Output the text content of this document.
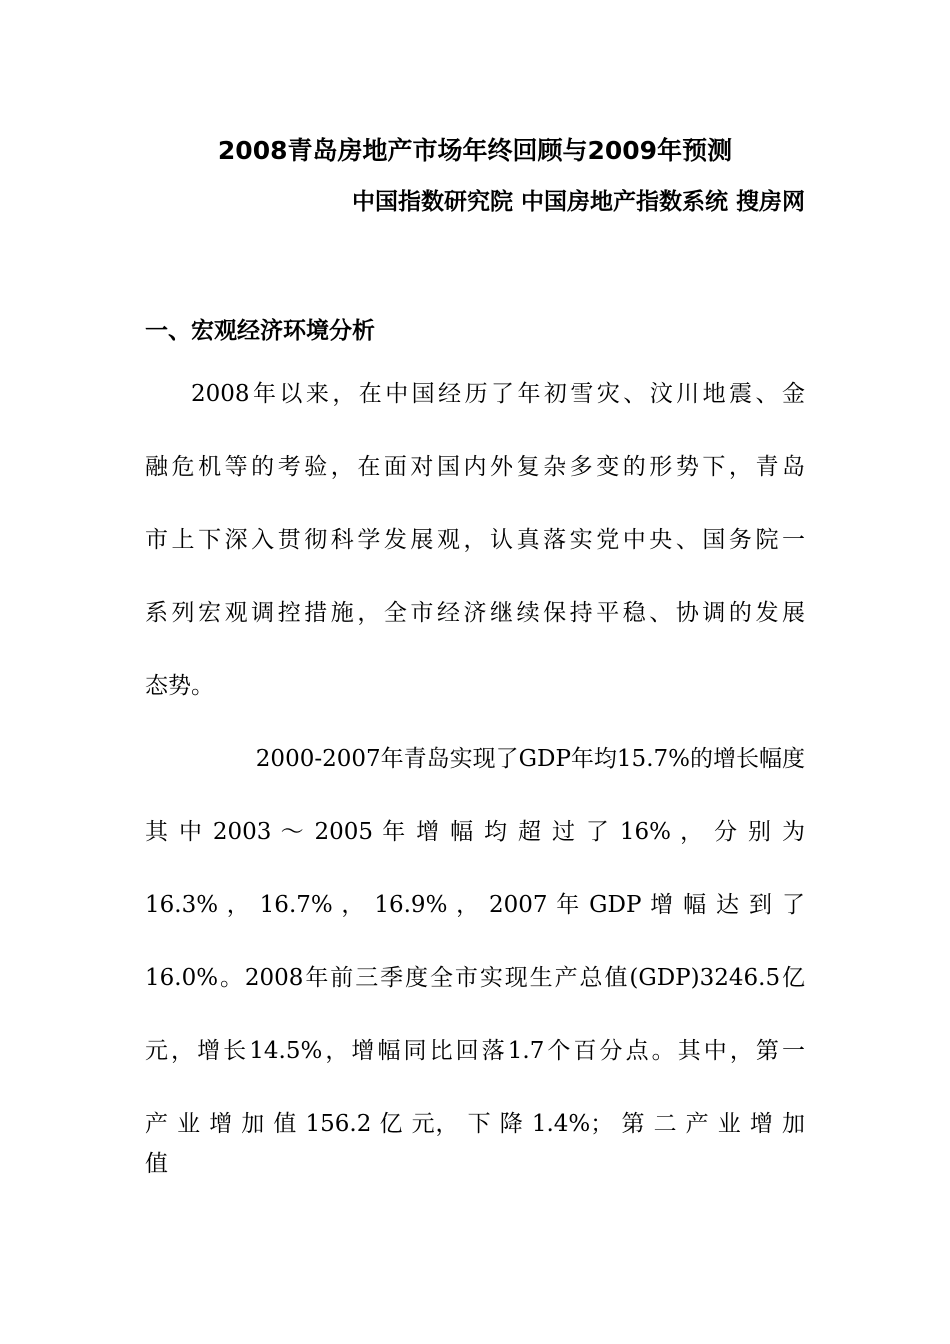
2008青岛房地产市场年终回顾与2009年预测
中国指数研究院 中国房地产指数系统 搜房网
一、宏观经济环境分析
2008年以来，在中国经历了年初雪灾、汶川地震、金
融危机等的考验，在面对国内外复杂多变的形势下，青岛
市上下深入贯彻科学发展观，认真落实党中央、国务院一
系列宏观调控措施，全市经济继续保持平稳、协调的发展
态势。
2000-2007年青岛实现了GDP年均15.7%的增长幅度
其 中 2003 ～ 2005 年 增 幅 均 超 过 了 16% ， 分 别 为
16.3% ， 16.7% ， 16.9% ， 2007 年 GDP 增 幅 达 到 了
16.0%。2008年前三季度全市实现生产总值(GDP)3246.5亿
元，增长14.5%，增幅同比回落1.7个百分点。其中，第一
产 业 增 加 值 156.2 亿 元， 下 降 1.4%； 第 二 产 业 增 加 值
